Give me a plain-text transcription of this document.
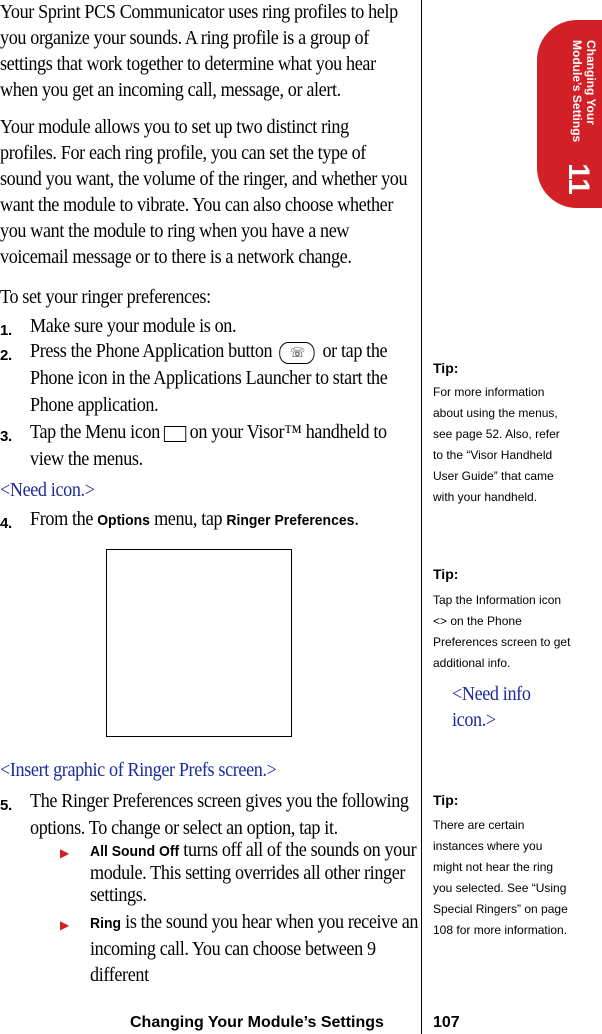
Your Sprint PCS Communicator uses ring profiles to help you organize your sounds. A ring profile is a group of settings that work together to determine what you hear when you get an incoming call, message, or alert.
Your module allows you to set up two distinct ring profiles. For each ring profile, you can set the type of sound you want, the volume of the ringer, and whether you want the module to vibrate. You can also choose whether you want the module to ring when you have a new voicemail message or to there is a network change.
To set your ringer preferences:
1. Make sure your module is on.
2. Press the Phone Application button ☏ or tap the Phone icon in the Applications Launcher to start the Phone application.
3. Tap the Menu icon on your Visor™ handheld to view the menus.
<Need icon.>
4. From the Options menu, tap Ringer Preferences.
<Insert graphic of Ringer Prefs screen.>
5. The Ringer Preferences screen gives you the following options. To change or select an option, tap it.
▶ All Sound Off turns off all of the sounds on your module. This setting overrides all other ringer settings.
▶ Ring is the sound you hear when you receive an incoming call. You can choose between 9 different
Tip:
For more information about using the menus, see page 52. Also, refer to the “Visor Handheld User Guide” that came with your handheld.
Tip:
Tap the Information icon <> on the Phone Preferences screen to get additional info.
<Need info icon.>
Tip:
There are certain instances where you might not hear the ring you selected. See “Using Special Ringers” on page 108 for more information.
Changing Your
Module’s Settings
11
Changing Your Module’s Settings	107
